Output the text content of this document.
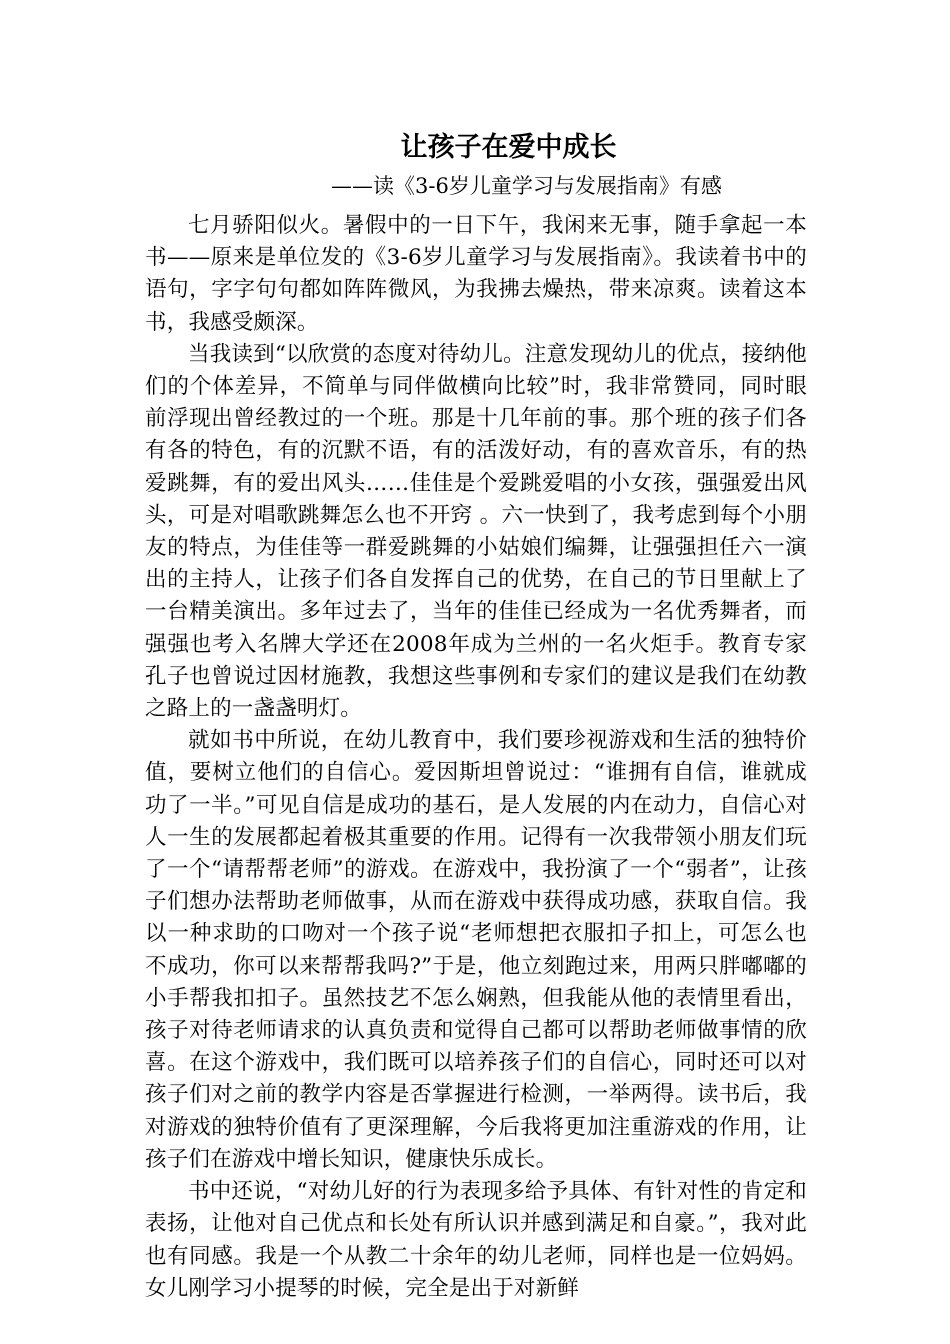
让孩子在爱中成长
——读《3-6岁儿童学习与发展指南》有感

七月骄阳似火。暑假中的一日下午，我闲来无事，随手拿起一本书——原来是单位发的《3-6岁儿童学习与发展指南》。我读着书中的语句，字字句句都如阵阵微风，为我拂去燥热，带来凉爽。读着这本书，我感受颇深。

当我读到“以欣赏的态度对待幼儿。注意发现幼儿的优点，接纳他们的个体差异，不简单与同伴做横向比较”时，我非常赞同，同时眼前浮现出曾经教过的一个班。那是十几年前的事。那个班的孩子们各有各的特色，有的沉默不语，有的活泼好动，有的喜欢音乐，有的热爱跳舞，有的爱出风头……佳佳是个爱跳爱唱的小女孩，强强爱出风头，可是对唱歌跳舞怎么也不开窍 。六一快到了，我考虑到每个小朋友的特点，为佳佳等一群爱跳舞的小姑娘们编舞，让强强担任六一演出的主持人，让孩子们各自发挥自己的优势，在自己的节日里献上了一台精美演出。多年过去了，当年的佳佳已经成为一名优秀舞者，而强强也考入名牌大学还在2008年成为兰州的一名火炬手。教育专家孔子也曾说过因材施教，我想这些事例和专家们的建议是我们在幼教之路上的一盏盏明灯。

就如书中所说，在幼儿教育中，我们要珍视游戏和生活的独特价值，要树立他们的自信心。爱因斯坦曾说过：“谁拥有自信，谁就成功了一半。”可见自信是成功的基石，是人发展的内在动力，自信心对人一生的发展都起着极其重要的作用。记得有一次我带领小朋友们玩了一个“请帮帮老师”的游戏。在游戏中，我扮演了一个“弱者”，让孩子们想办法帮助老师做事，从而在游戏中获得成功感，获取自信。我以一种求助的口吻对一个孩子说“老师想把衣服扣子扣上，可怎么也不成功，你可以来帮帮我吗?”于是，他立刻跑过来，用两只胖嘟嘟的小手帮我扣扣子。虽然技艺不怎么娴熟，但我能从他的表情里看出，孩子对待老师请求的认真负责和觉得自己都可以帮助老师做事情的欣喜。在这个游戏中，我们既可以培养孩子们的自信心，同时还可以对孩子们对之前的教学内容是否掌握进行检测，一举两得。读书后，我对游戏的独特价值有了更深理解，今后我将更加注重游戏的作用，让孩子们在游戏中增长知识，健康快乐成长。

书中还说，“对幼儿好的行为表现多给予具体、有针对性的肯定和表扬，让他对自己优点和长处有所认识并感到满足和自豪。”，我对此也有同感。我是一个从教二十余年的幼儿老师，同样也是一位妈妈。女儿刚学习小提琴的时候，完全是出于对新鲜
